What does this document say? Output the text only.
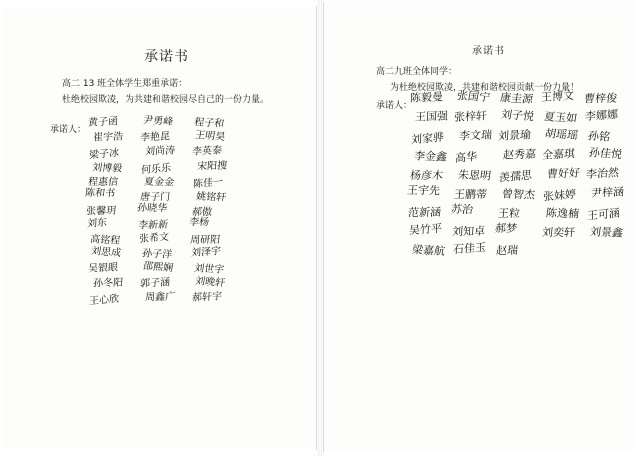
承诺书
高二 13 班全体学生郑重承诺：
杜绝校园欺凌，为共建和谐校园尽自己的一份力量。
承诺人：
黄子函 尹勇峰 程子和
崔宇浩 李艳昆 王明昊
梁子冰	刘尚涛 李英泰
刘博毅 何乐乐	宋阳搜
程惠信 夏金金 陈佳一
陈和书 唐子门 姚铭轩
张馨玥 孙晓华 郝傲
刘东	李新新 李杨
高铭程 张希文 周研阳
刘思成 孙子洋 刘泽宇
吴银眼 邵熙娴 刘世宇
孙冬阳 郭子涵 刘晚轩
王心欣	周鑫广 郝轩宇
承诺书
高二九班全体同学：
为杜绝校园欺凌，共建和谐校园贡献一份力量！
承诺人：
陈毅曼 张国宁 康圭源 王博文 曹梓俊
王国强 张梓轩 刘子悦 夏玉如 李娜娜
刘家骅 李文瑞 刘景瑜 胡瑶瑶 孙铭
李金鑫 高华 赵秀嘉 全嘉琪 孙佳悦
杨彦木 朱恩明 羡孺思 曹好好 李治然
王宇先 王鹏蒂 曾智杰 张妹婷 尹梓涵
范新涵 苏治 王粒 陈逸楠 王可涵
吴竹平 刘知卓 郝梦 刘奕轩 刘景鑫
梁嘉航 石佳玉 赵瑞
